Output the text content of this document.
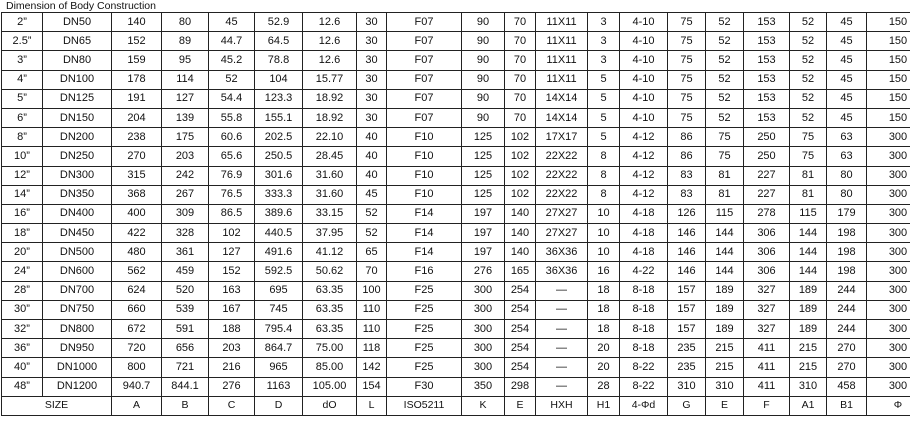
Dimension of Body Construction
2”	DN50	140	80	45	52.9	12.6	30	F07	90	70	11X11	3	4-10	75	52	153	52	45	150
2.5”	DN65	152	89	44.7	64.5	12.6	30	F07	90	70	11X11	3	4-10	75	52	153	52	45	150
3”	DN80	159	95	45.2	78.8	12.6	30	F07	90	70	11X11	3	4-10	75	52	153	52	45	150
4”	DN100	178	114	52	104	15.77	30	F07	90	70	11X11	5	4-10	75	52	153	52	45	150
5”	DN125	191	127	54.4	123.3	18.92	30	F07	90	70	14X14	5	4-10	75	52	153	52	45	150
6”	DN150	204	139	55.8	155.1	18.92	30	F07	90	70	14X14	5	4-10	75	52	153	52	45	150
8”	DN200	238	175	60.6	202.5	22.10	40	F10	125	102	17X17	5	4-12	86	75	250	75	63	300
10”	DN250	270	203	65.6	250.5	28.45	40	F10	125	102	22X22	8	4-12	86	75	250	75	63	300
12”	DN300	315	242	76.9	301.6	31.60	40	F10	125	102	22X22	8	4-12	83	81	227	81	80	300
14”	DN350	368	267	76.5	333.3	31.60	45	F10	125	102	22X22	8	4-12	83	81	227	81	80	300
16”	DN400	400	309	86.5	389.6	33.15	52	F14	197	140	27X27	10	4-18	126	115	278	115	179	300
18”	DN450	422	328	102	440.5	37.95	52	F14	197	140	27X27	10	4-18	146	144	306	144	198	300
20”	DN500	480	361	127	491.6	41.12	65	F14	197	140	36X36	10	4-18	146	144	306	144	198	300
24”	DN600	562	459	152	592.5	50.62	70	F16	276	165	36X36	16	4-22	146	144	306	144	198	300
28”	DN700	624	520	163	695	63.35	100	F25	300	254	—	18	8-18	157	189	327	189	244	300
30”	DN750	660	539	167	745	63.35	110	F25	300	254	—	18	8-18	157	189	327	189	244	300
32”	DN800	672	591	188	795.4	63.35	110	F25	300	254	—	18	8-18	157	189	327	189	244	300
36”	DN950	720	656	203	864.7	75.00	118	F25	300	254	—	20	8-18	235	215	411	215	270	300
40”	DN1000	800	721	216	965	85.00	142	F25	300	254	—	20	8-22	235	215	411	215	270	300
48”	DN1200	940.7	844.1	276	1163	105.00	154	F30	350	298	—	28	8-22	310	310	411	310	458	300
SIZE		A	B	C	D	dO	L	ISO5211	K	E	HXH	H1	4-Φd	G	E	F	A1	B1	Φ
